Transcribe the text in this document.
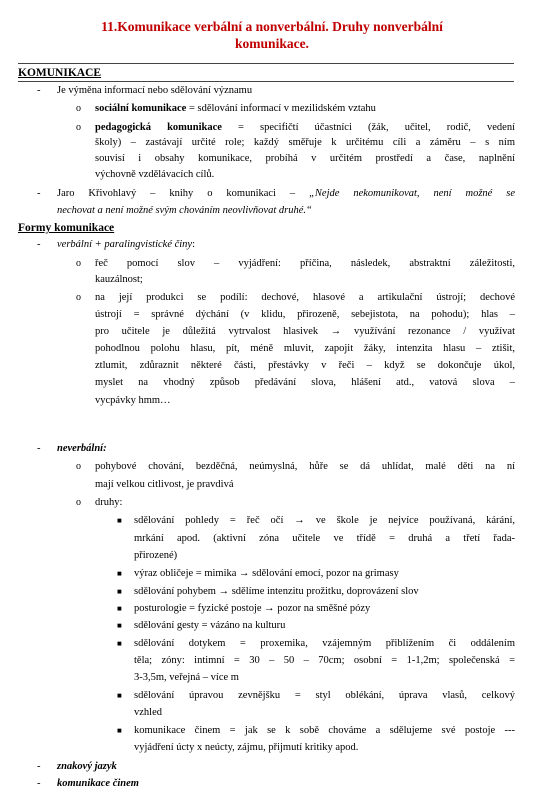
11.Komunikace verbální a nonverbální. Druhy nonverbální
komunikace.
KOMUNIKACE
- Je výměna informací nebo sdělování významu
o sociální komunikace = sdělování informací v mezilidském vztahu
o pedagogická komunikace = specifičtí účastníci (žák, učitel, rodič, vedení
školy) – zastávají určité role; každý směřuje k určitému cíli a záměru – s ním
souvisí i obsahy komunikace, probíhá v určitém prostředí a čase, naplnění
výchovně vzdělávacích cílů.
- Jaro Křivohlavý – knihy o komunikaci – „Nejde nekomunikovat, není možné se
nechovat a není možné svým chováním neovlivňovat druhé.“
Formy komunikace
- verbální + paralingvistické činy:
o řeč pomocí slov – vyjádření: příčina, následek, abstraktní záležitosti,
kauzálnost;
o na její produkci se podílí: dechové, hlasové a artikulační ústrojí; dechové
ústrojí = správné dýchání (v klidu, přirozeně, sebejistota, na pohodu); hlas –
pro učitele je důležitá vytrvalost hlasivek → využívání rezonance / využívat
pohodlnou polohu hlasu, pít, méně mluvit, zapojit žáky, intenzita hlasu – ztišit,
ztlumit, zdůraznit některé části, přestávky v řeči – když se dokončuje úkol,
myslet na vhodný způsob předávání slova, hlášení atd., vatová slova –
vycpávky hmm…
- neverbální:
o pohybové chování, bezděčná, neúmyslná, hůře se dá uhlídat, malé děti na ní
mají velkou citlivost, je pravdivá
o druhy:
■ sdělování pohledy = řeč očí → ve škole je nejvíce používaná, kárání,
mrkání apod. (aktivní zóna učitele ve třídě = druhá a třetí řada-
přirozené)
■ výraz obličeje = mimika → sdělování emocí, pozor na grimasy
■ sdělování pohybem → sdělíme intenzitu prožitku, doprovázení slov
■ posturologie = fyzické postoje → pozor na směšné pózy
■ sdělování gesty = vázáno na kulturu
■ sdělování dotykem = proxemika, vzájemným přiblížením či oddálením
těla; zóny: intimní = 30 – 50 – 70cm; osobní = 1-1,2m; společenská =
3-3,5m, veřejná – více m
■ sdělování úpravou zevnějšku = styl oblékání, úprava vlasů, celkový
vzhled
■ komunikace činem = jak se k sobě chováme a sdělujeme své postoje ---
vyjádření úcty x neúcty, zájmu, přijmutí kritiky apod.
- znakový jazyk
- komunikace činem
